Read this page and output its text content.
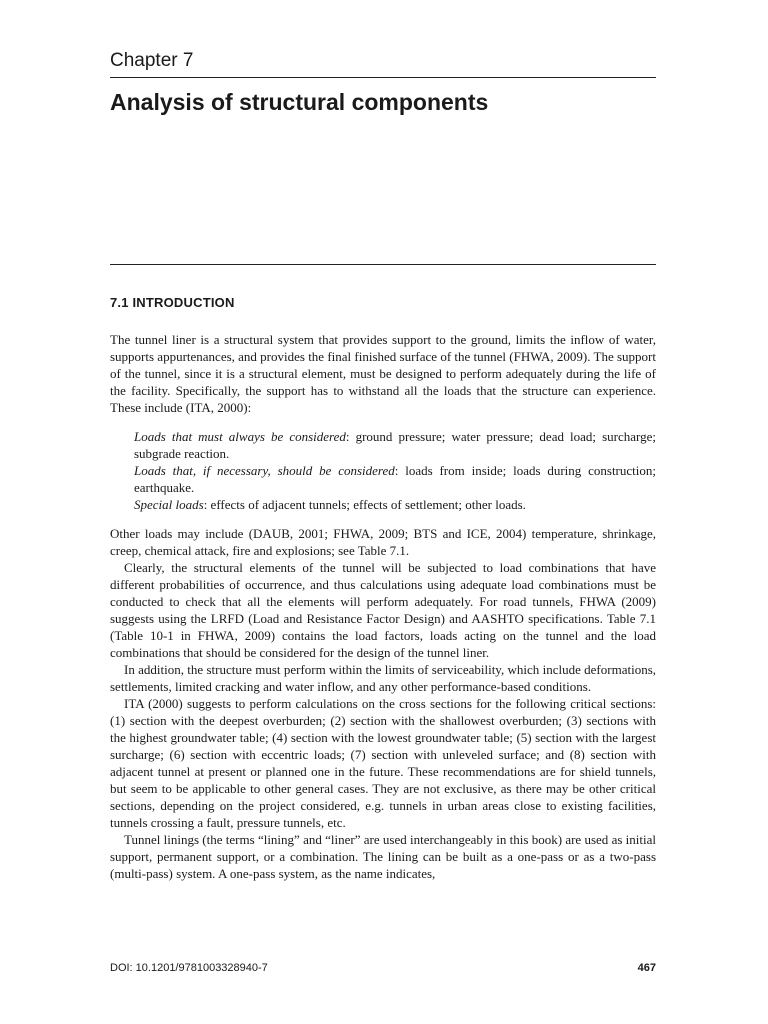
Chapter 7
Analysis of structural components
7.1 INTRODUCTION

The tunnel liner is a structural system that provides support to the ground, limits the inflow of water, supports appurtenances, and provides the final finished surface of the tunnel (FHWA, 2009). The support of the tunnel, since it is a structural element, must be designed to perform adequately during the life of the facility. Specifically, the support has to withstand all the loads that the structure can experience. These include (ITA, 2000):

Loads that must always be considered: ground pressure; water pressure; dead load; surcharge; subgrade reaction.
Loads that, if necessary, should be considered: loads from inside; loads during construction; earthquake.
Special loads: effects of adjacent tunnels; effects of settlement; other loads.

Other loads may include (DAUB, 2001; FHWA, 2009; BTS and ICE, 2004) temperature, shrinkage, creep, chemical attack, fire and explosions; see Table 7.1.

Clearly, the structural elements of the tunnel will be subjected to load combinations that have different probabilities of occurrence, and thus calculations using adequate load combinations must be conducted to check that all the elements will perform adequately. For road tunnels, FHWA (2009) suggests using the LRFD (Load and Resistance Factor Design) and AASHTO specifications. Table 7.1 (Table 10-1 in FHWA, 2009) contains the load factors, loads acting on the tunnel and the load combinations that should be considered for the design of the tunnel liner.

In addition, the structure must perform within the limits of serviceability, which include deformations, settlements, limited cracking and water inflow, and any other performance-based conditions.

ITA (2000) suggests to perform calculations on the cross sections for the following critical sections: (1) section with the deepest overburden; (2) section with the shallowest overburden; (3) sections with the highest groundwater table; (4) section with the lowest groundwater table; (5) section with the largest surcharge; (6) section with eccentric loads; (7) section with unleveled surface; and (8) section with adjacent tunnel at present or planned one in the future. These recommendations are for shield tunnels, but seem to be applicable to other general cases. They are not exclusive, as there may be other critical sections, depending on the project considered, e.g. tunnels in urban areas close to existing facilities, tunnels crossing a fault, pressure tunnels, etc.

Tunnel linings (the terms “lining” and “liner” are used interchangeably in this book) are used as initial support, permanent support, or a combination. The lining can be built as a one-pass or as a two-pass (multi-pass) system. A one-pass system, as the name indicates,

DOI: 10.1201/9781003328940-7	467
